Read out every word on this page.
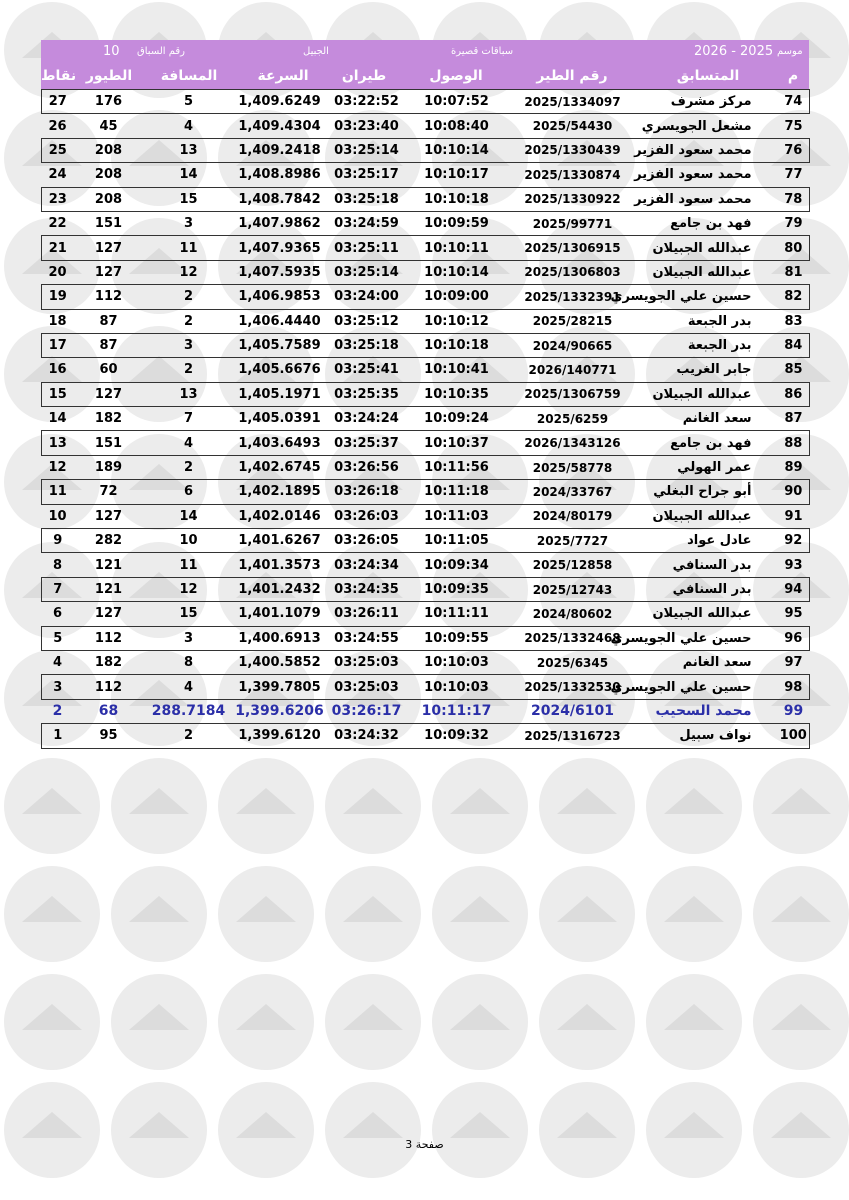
10 رقم السباق	الجبيل	سباقات قصيرة	2026 - 2025 موسم
نقاط الطيور	المسافة	السرعة	طيران	الوصول	رقم الطير	المتسابق	م
27	176	5	1,409.6249	03:22:52	10:07:52	2025/1334097	مركز مشرف	74
26	45	4	1,409.4304	03:23:40	10:08:40	2025/54430	مشعل الجويسري	75
25	208	13	1,409.2418	03:25:14	10:10:14	2025/1330439	محمد سعود الفزير	76
24	208	14	1,408.8986	03:25:17	10:10:17	2025/1330874	محمد سعود الفزير	77
23	208	15	1,408.7842	03:25:18	10:10:18	2025/1330922	محمد سعود الفزير	78
22	151	3	1,407.9862	03:24:59	10:09:59	2025/99771	فهد بن جامع	79
21	127	11	1,407.9365	03:25:11	10:10:11	2025/1306915	عبدالله الجبيلان	80
20	127	12	1,407.5935	03:25:14	10:10:14	2025/1306803	عبدالله الجبيلان	81
19	112	2	1,406.9853	03:24:00	10:09:00	2025/1332391	حسين علي الجويسري	82
18	87	2	1,406.4440	03:25:12	10:10:12	2025/28215	بدر الجبعة	83
17	87	3	1,405.7589	03:25:18	10:10:18	2024/90665	بدر الجبعة	84
16	60	2	1,405.6676	03:25:41	10:10:41	2026/140771	جابر الغريب	85
15	127	13	1,405.1971	03:25:35	10:10:35	2025/1306759	عبدالله الجبيلان	86
14	182	7	1,405.0391	03:24:24	10:09:24	2025/6259	سعد الغانم	87
13	151	4	1,403.6493	03:25:37	10:10:37	2026/1343126	فهد بن جامع	88
12	189	2	1,402.6745	03:26:56	10:11:56	2025/58778	عمر الهولي	89
11	72	6	1,402.1895	03:26:18	10:11:18	2024/33767	أبو جراح البغلي	90
10	127	14	1,402.0146	03:26:03	10:11:03	2024/80179	عبدالله الجبيلان	91
9	282	10	1,401.6267	03:26:05	10:11:05	2025/7727	عادل عواد	92
8	121	11	1,401.3573	03:24:34	10:09:34	2025/12858	بدر السنافي	93
7	121	12	1,401.2432	03:24:35	10:09:35	2025/12743	بدر السنافي	94
6	127	15	1,401.1079	03:26:11	10:11:11	2024/80602	عبدالله الجبيلان	95
5	112	3	1,400.6913	03:24:55	10:09:55	2025/1332468	حسين علي الجويسري	96
4	182	8	1,400.5852	03:25:03	10:10:03	2025/6345	سعد الغانم	97
3	112	4	1,399.7805	03:25:03	10:10:03	2025/1332530	حسين علي الجويسري	98
2	68	288.7184	1,399.6206	03:26:17	10:11:17	2024/6101	محمد السحيب	99
1	95	2	1,399.6120	03:24:32	10:09:32	2025/1316723	نواف سبيل	100
صفحة 3
